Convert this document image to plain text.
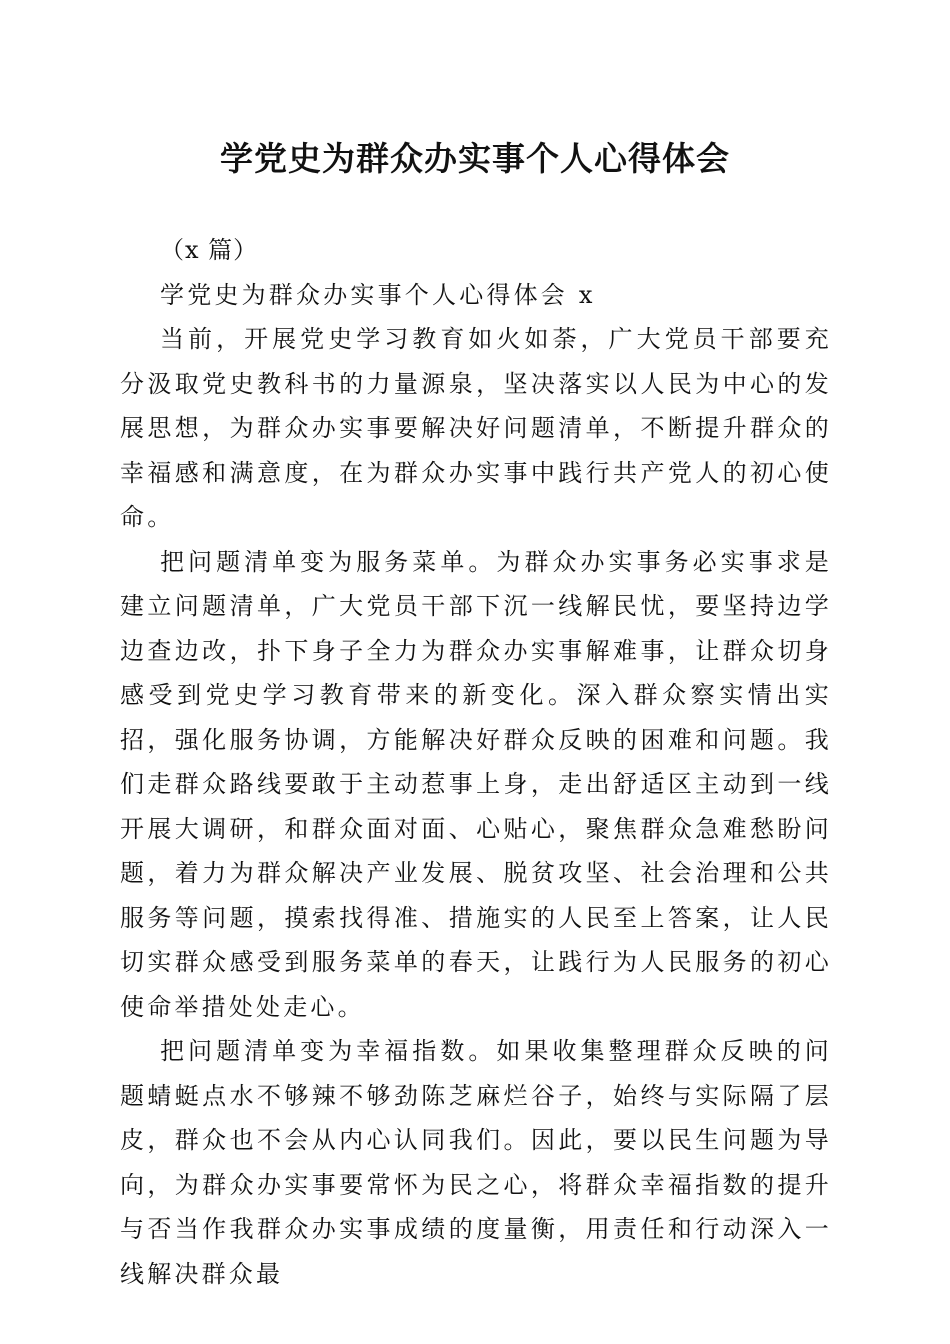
学党史为群众办实事个人心得体会

（x 篇）

学党史为群众办实事个人心得体会 x

当前，开展党史学习教育如火如荼，广大党员干部要充分汲取党史教科书的力量源泉，坚决落实以人民为中心的发展思想，为群众办实事要解决好问题清单，不断提升群众的幸福感和满意度，在为群众办实事中践行共产党人的初心使命。

把问题清单变为服务菜单。为群众办实事务必实事求是建立问题清单，广大党员干部下沉一线解民忧，要坚持边学边查边改，扑下身子全力为群众办实事解难事，让群众切身感受到党史学习教育带来的新变化。深入群众察实情出实招，强化服务协调，方能解决好群众反映的困难和问题。我们走群众路线要敢于主动惹事上身，走出舒适区主动到一线开展大调研，和群众面对面、心贴心，聚焦群众急难愁盼问题，着力为群众解决产业发展、脱贫攻坚、社会治理和公共服务等问题，摸索找得准、措施实的人民至上答案，让人民切实群众感受到服务菜单的春天，让践行为人民服务的初心使命举措处处走心。

把问题清单变为幸福指数。如果收集整理群众反映的问题蜻蜓点水不够辣不够劲陈芝麻烂谷子，始终与实际隔了层皮，群众也不会从内心认同我们。因此，要以民生问题为导向，为群众办实事要常怀为民之心，将群众幸福指数的提升与否当作我群众办实事成绩的度量衡，用责任和行动深入一线解决群众最
